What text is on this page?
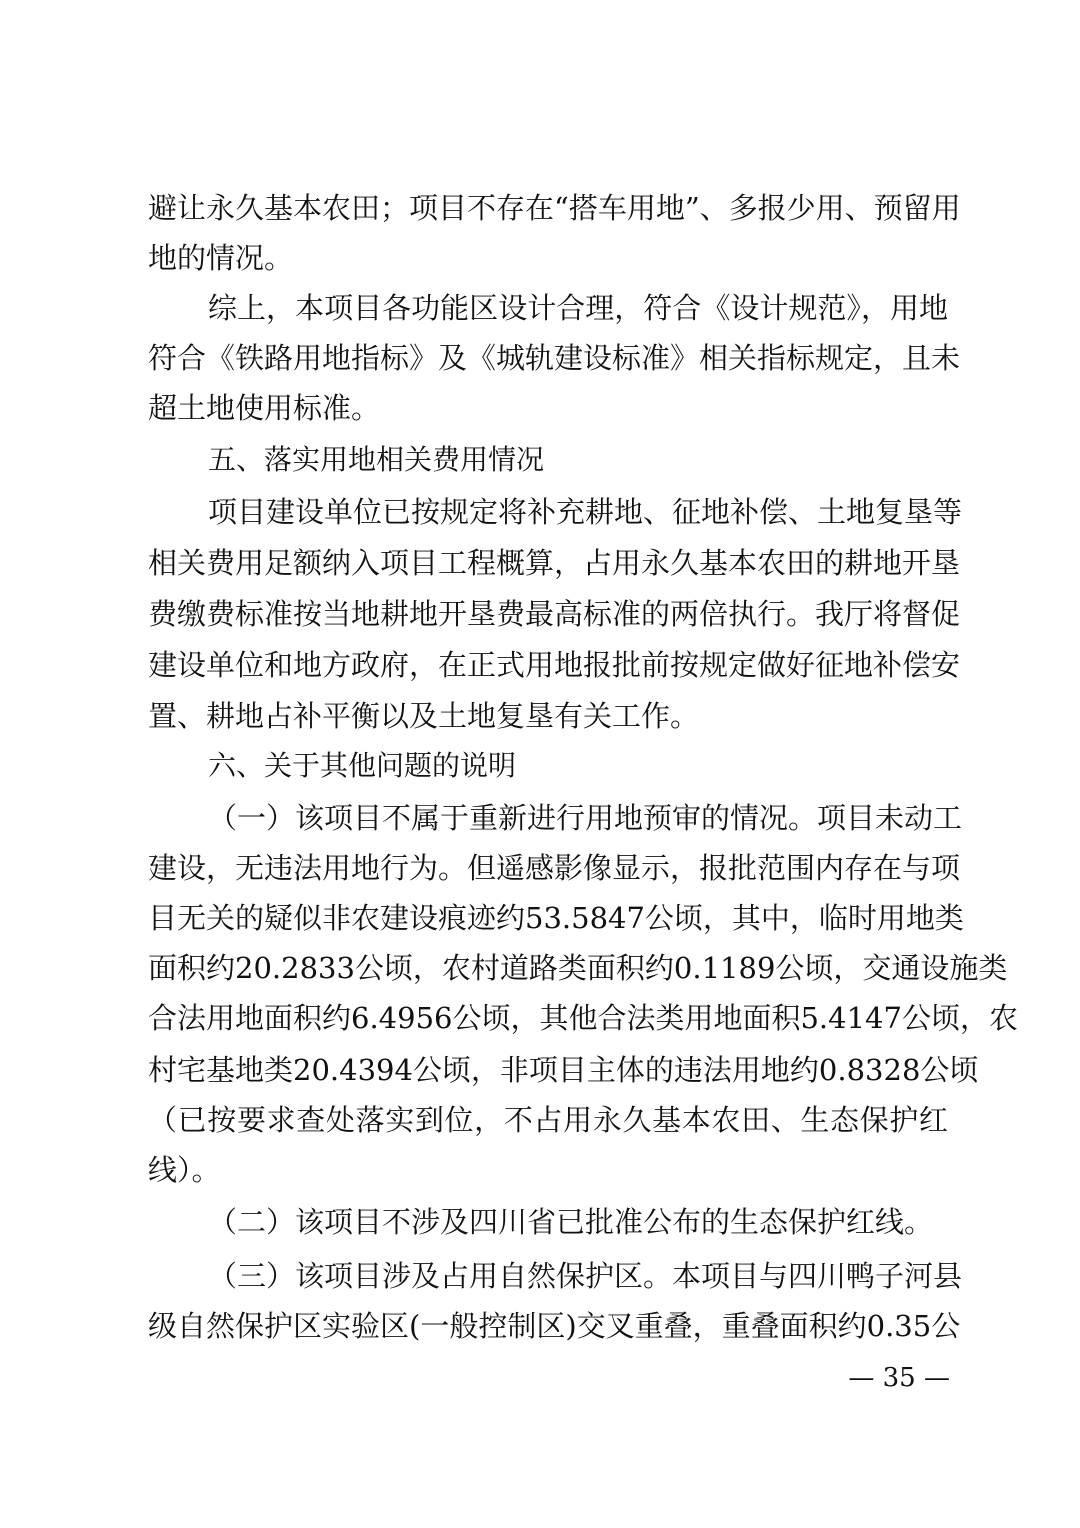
避让永久基本农田；项目不存在“搭车用地”、多报少用、预留用
地的情况。
综上，本项目各功能区设计合理，符合《设计规范》，用地
符合《铁路用地指标》及《城轨建设标准》相关指标规定，且未
超土地使用标准。
五、落实用地相关费用情况
项目建设单位已按规定将补充耕地、征地补偿、土地复垦等
相关费用足额纳入项目工程概算，占用永久基本农田的耕地开垦
费缴费标准按当地耕地开垦费最高标准的两倍执行。我厅将督促
建设单位和地方政府，在正式用地报批前按规定做好征地补偿安
置、耕地占补平衡以及土地复垦有关工作。
六、关于其他问题的说明
（一）该项目不属于重新进行用地预审的情况。项目未动工
建设，无违法用地行为。但遥感影像显示，报批范围内存在与项
目无关的疑似非农建设痕迹约53.5847公顷，其中，临时用地类
面积约20.2833公顷，农村道路类面积约0.1189公顷，交通设施类
合法用地面积约6.4956公顷，其他合法类用地面积5.4147公顷，农
村宅基地类20.4394公顷，非项目主体的违法用地约0.8328公顷
（已按要求查处落实到位，不占用永久基本农田、生态保护红
线）。
（二）该项目不涉及四川省已批准公布的生态保护红线。
（三）该项目涉及占用自然保护区。本项目与四川鸭子河县
级自然保护区实验区(一般控制区)交叉重叠，重叠面积约0.35公
— 35 —
